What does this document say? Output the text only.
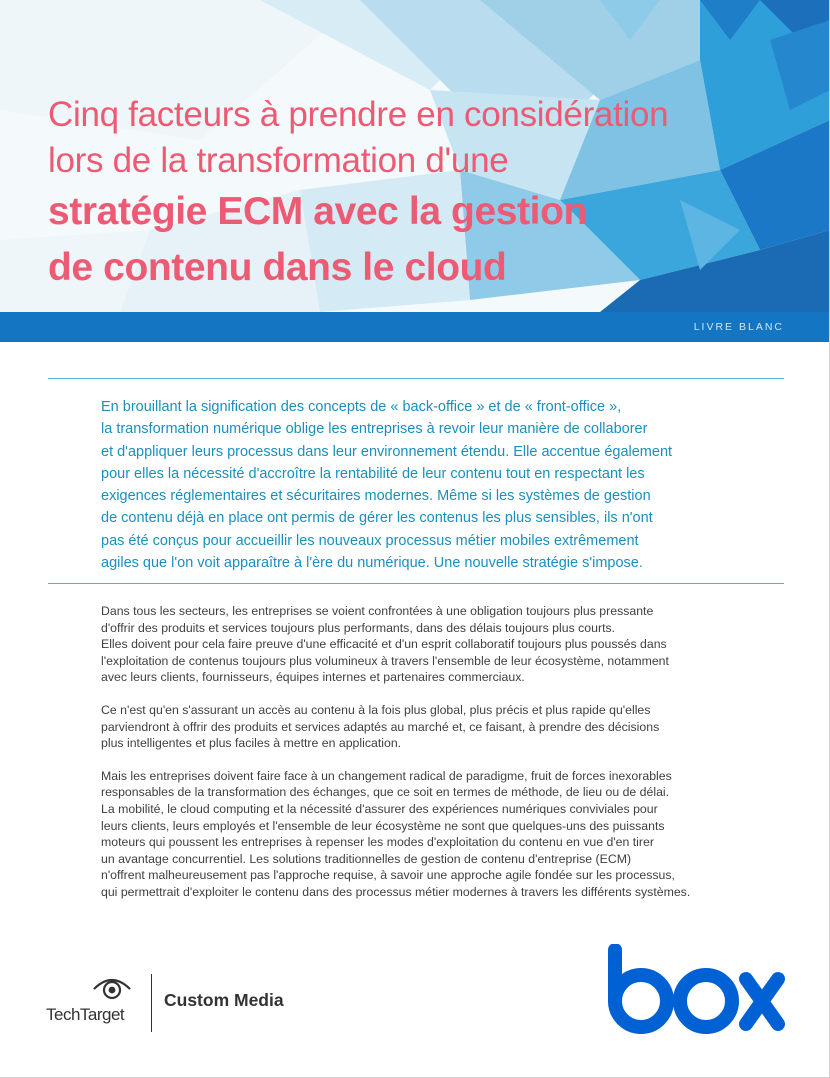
Cinq facteurs à prendre en considération
lors de la transformation d'une
stratégie ECM avec la gestion
de contenu dans le cloud
LIVRE BLANC

En brouillant la signification des concepts de « back-office » et de « front-office »,

la transformation numérique oblige les entreprises à revoir leur manière de collaborer

et d'appliquer leurs processus dans leur environnement étendu. Elle accentue également

pour elles la nécessité d'accroître la rentabilité de leur contenu tout en respectant les

exigences réglementaires et sécuritaires modernes. Même si les systèmes de gestion

de contenu déjà en place ont permis de gérer les contenus les plus sensibles, ils n'ont

pas été conçus pour accueillir les nouveaux processus métier mobiles extrêmement

agiles que l'on voit apparaître à l'ère du numérique. Une nouvelle stratégie s'impose.

Dans tous les secteurs, les entreprises se voient confrontées à une obligation toujours plus pressante
d'offrir des produits et services toujours plus performants, dans des délais toujours plus courts.
Elles doivent pour cela faire preuve d'une efficacité et d'un esprit collaboratif toujours plus poussés dans
l'exploitation de contenus toujours plus volumineux à travers l'ensemble de leur écosystème, notamment
avec leurs clients, fournisseurs, équipes internes et partenaires commerciaux.

Ce n'est qu'en s'assurant un accès au contenu à la fois plus global, plus précis et plus rapide qu'elles
parviendront à offrir des produits et services adaptés au marché et, ce faisant, à prendre des décisions
plus intelligentes et plus faciles à mettre en application.

Mais les entreprises doivent faire face à un changement radical de paradigme, fruit de forces inexorables
responsables de la transformation des échanges, que ce soit en termes de méthode, de lieu ou de délai.
La mobilité, le cloud computing et la nécessité d'assurer des expériences numériques conviviales pour
leurs clients, leurs employés et l'ensemble de leur écosystème ne sont que quelques-uns des puissants
moteurs qui poussent les entreprises à repenser les modes d'exploitation du contenu en vue d'en tirer
un avantage concurrentiel. Les solutions traditionnelles de gestion de contenu d'entreprise (ECM)
n'offrent malheureusement pas l'approche requise, à savoir une approche agile fondée sur les processus,
qui permettrait d'exploiter le contenu dans des processus métier modernes à travers les différents systèmes.

TechTarget
Custom Media
